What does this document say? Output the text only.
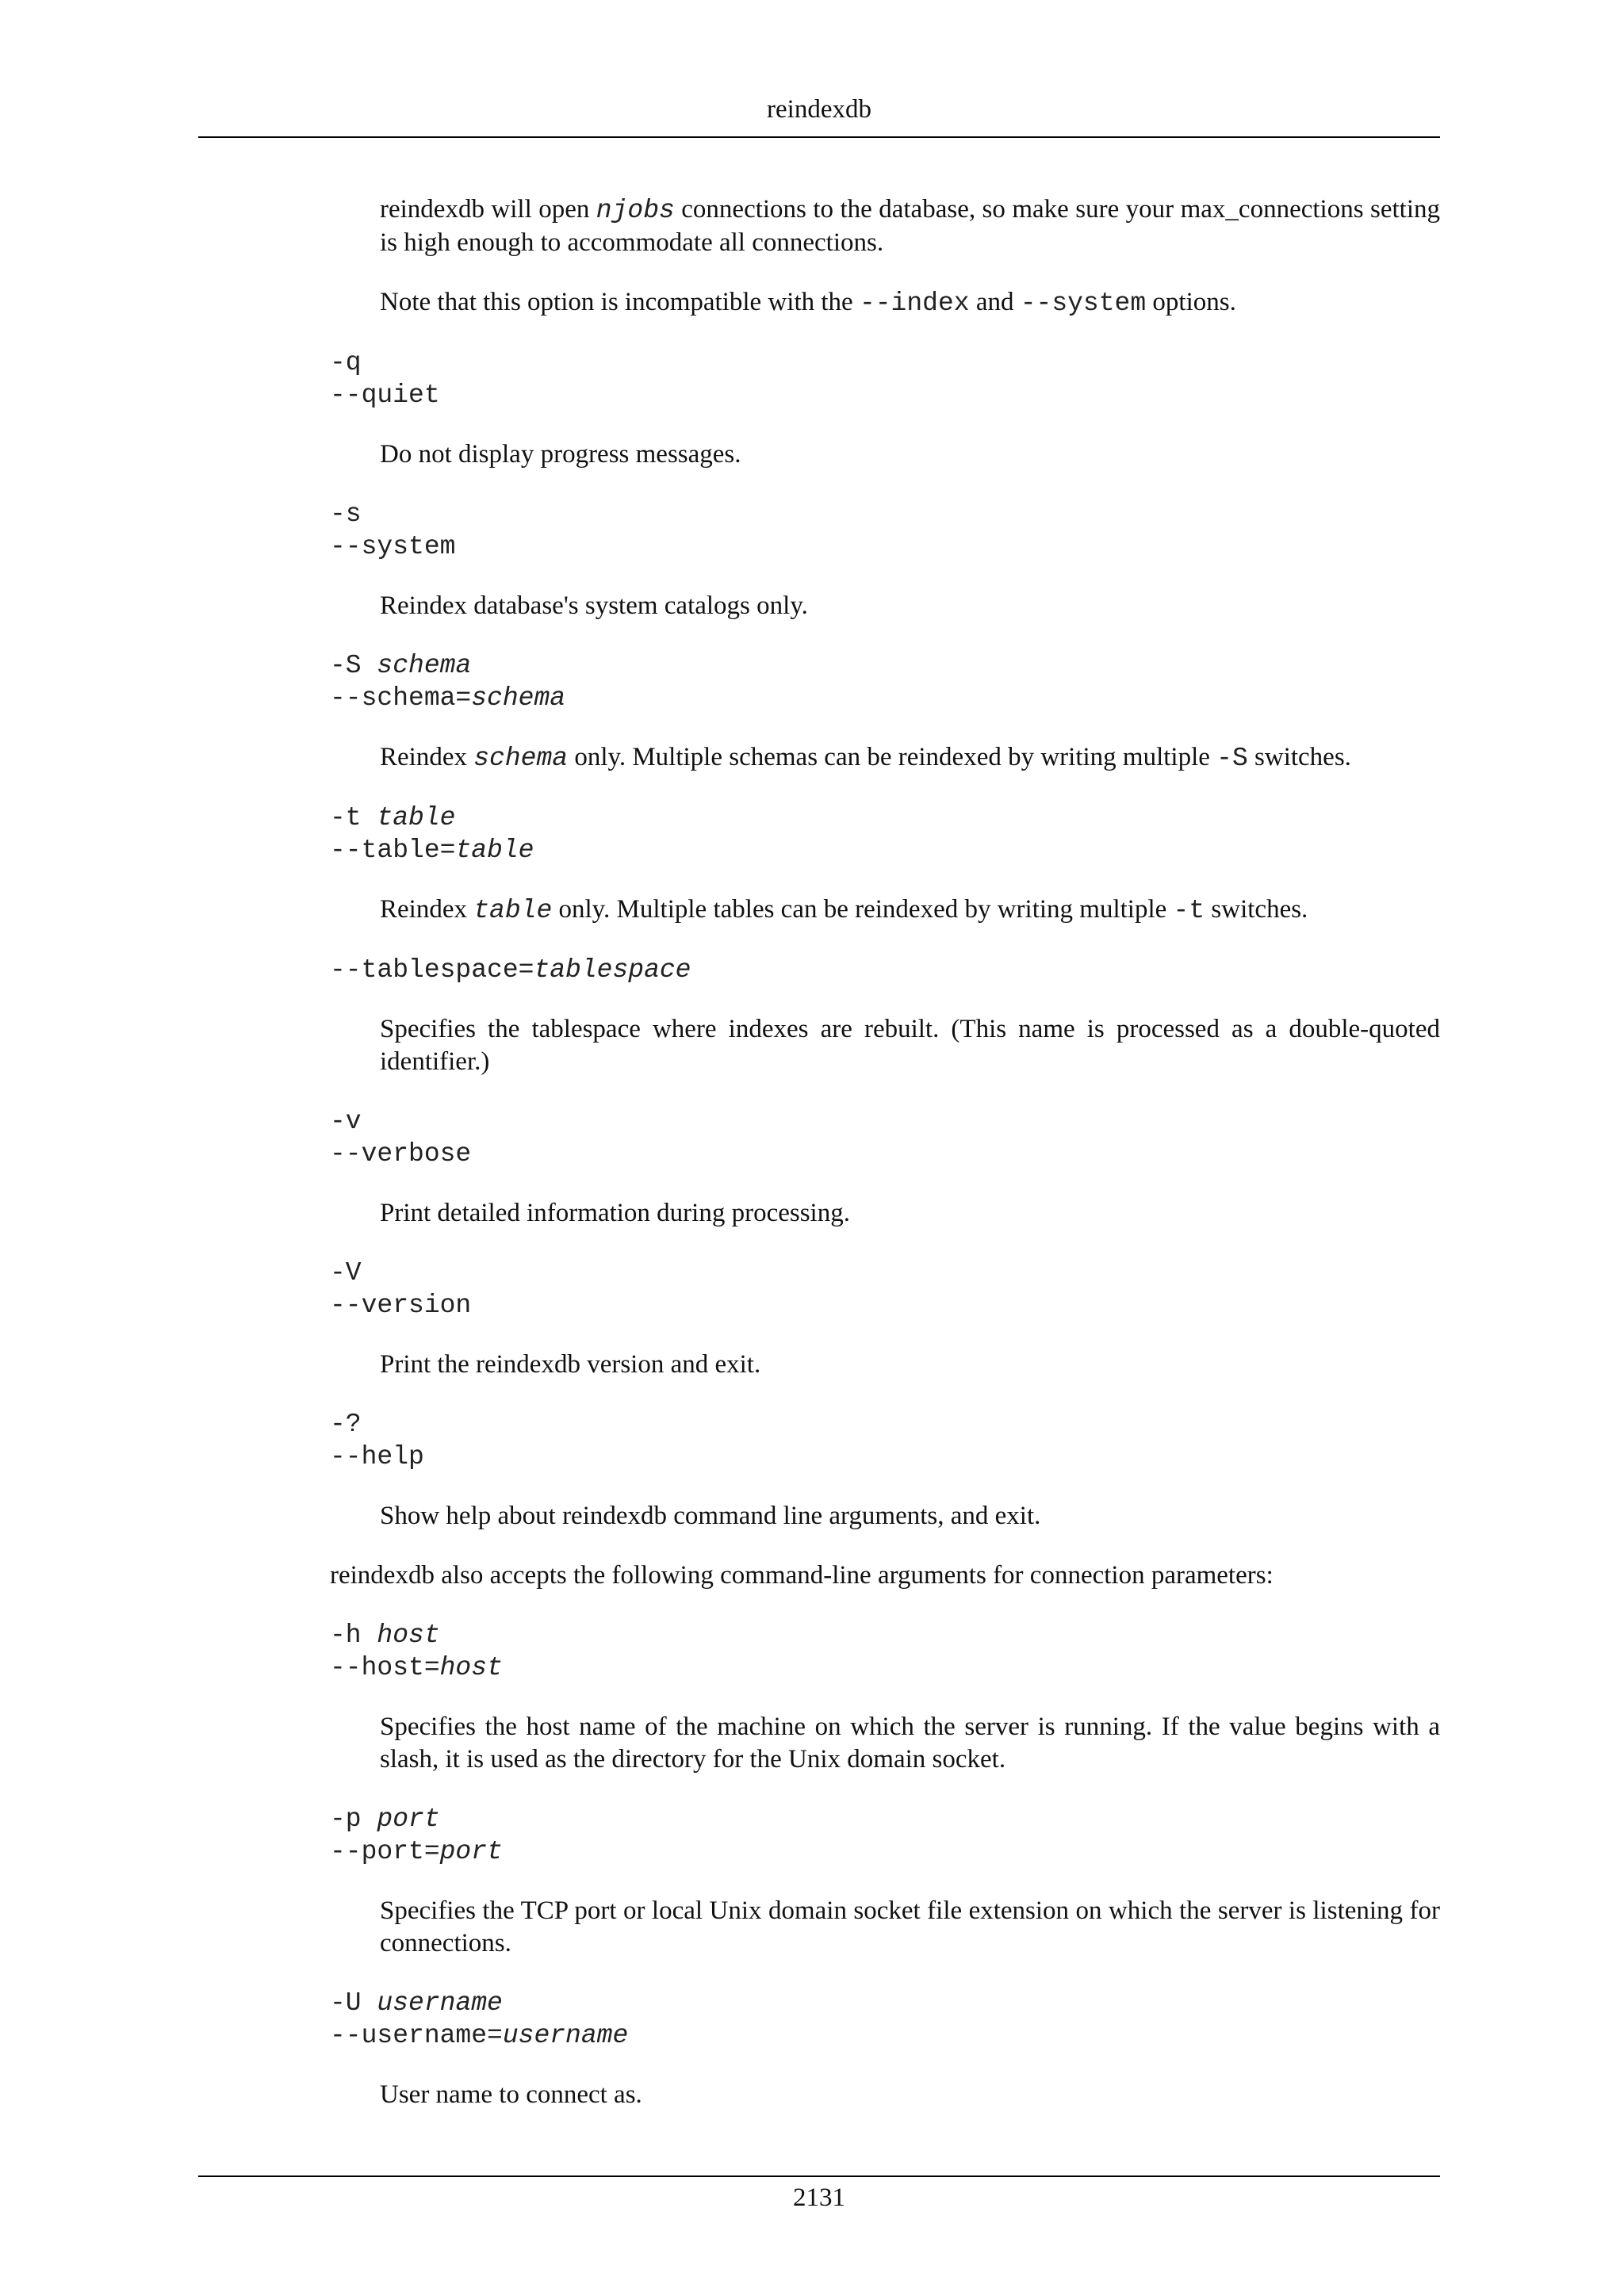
reindexdb

reindexdb will open njobs connections to the database, so make sure your max_connections setting is high enough to accommodate all connections.

Note that this option is incompatible with the --index and --system options.

-q
--quiet

Do not display progress messages.

-s
--system

Reindex database's system catalogs only.

-S schema
--schema=schema

Reindex schema only. Multiple schemas can be reindexed by writing multiple -S switches.

-t table
--table=table

Reindex table only. Multiple tables can be reindexed by writing multiple -t switches.

--tablespace=tablespace

Specifies the tablespace where indexes are rebuilt. (This name is processed as a double-quoted identifier.)

-v
--verbose

Print detailed information during processing.

-V
--version

Print the reindexdb version and exit.

-?
--help

Show help about reindexdb command line arguments, and exit.

reindexdb also accepts the following command-line arguments for connection parameters:

-h host
--host=host

Specifies the host name of the machine on which the server is running. If the value begins with a slash, it is used as the directory for the Unix domain socket.

-p port
--port=port

Specifies the TCP port or local Unix domain socket file extension on which the server is listening for connections.

-U username
--username=username

User name to connect as.

2131
